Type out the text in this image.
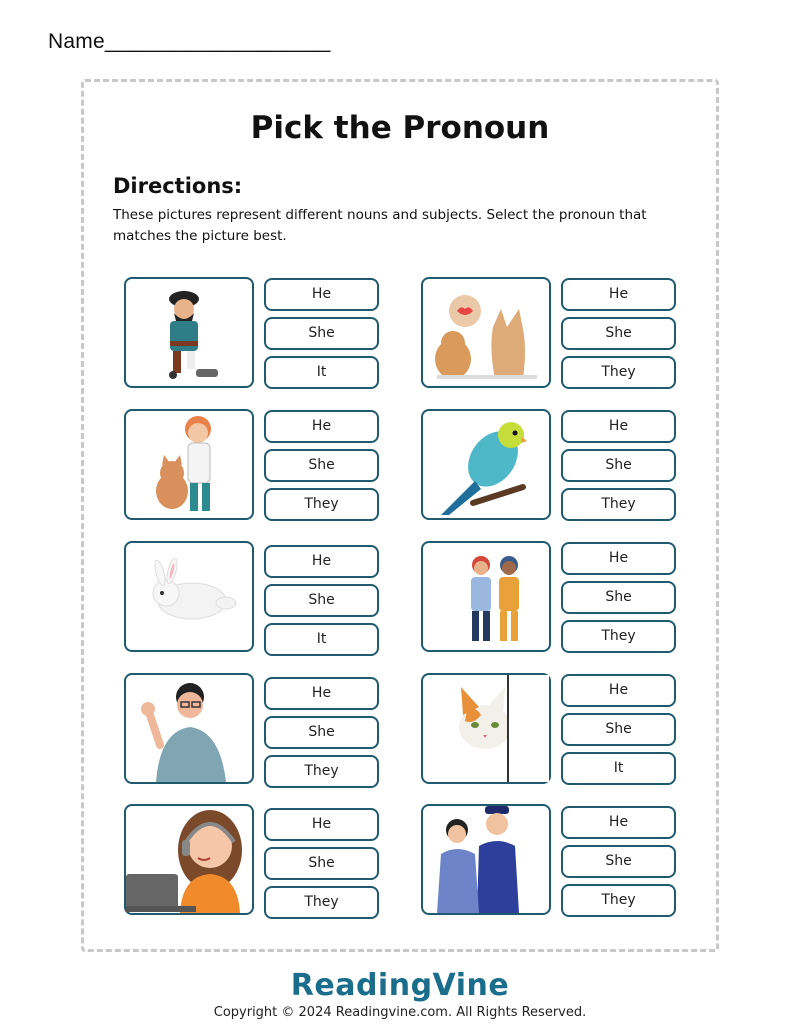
Name___________________
Pick the Pronoun
Directions:
These pictures represent different nouns and subjects. Select the pronoun that matches the picture best.
He
She
It
He
She
They
He
She
They
He
She
They
He
She
It
He
She
They
He
She
They
He
She
It
He
She
They
He
She
They
ReadingVine
Copyright © 2024 Readingvine.com. All Rights Reserved.
